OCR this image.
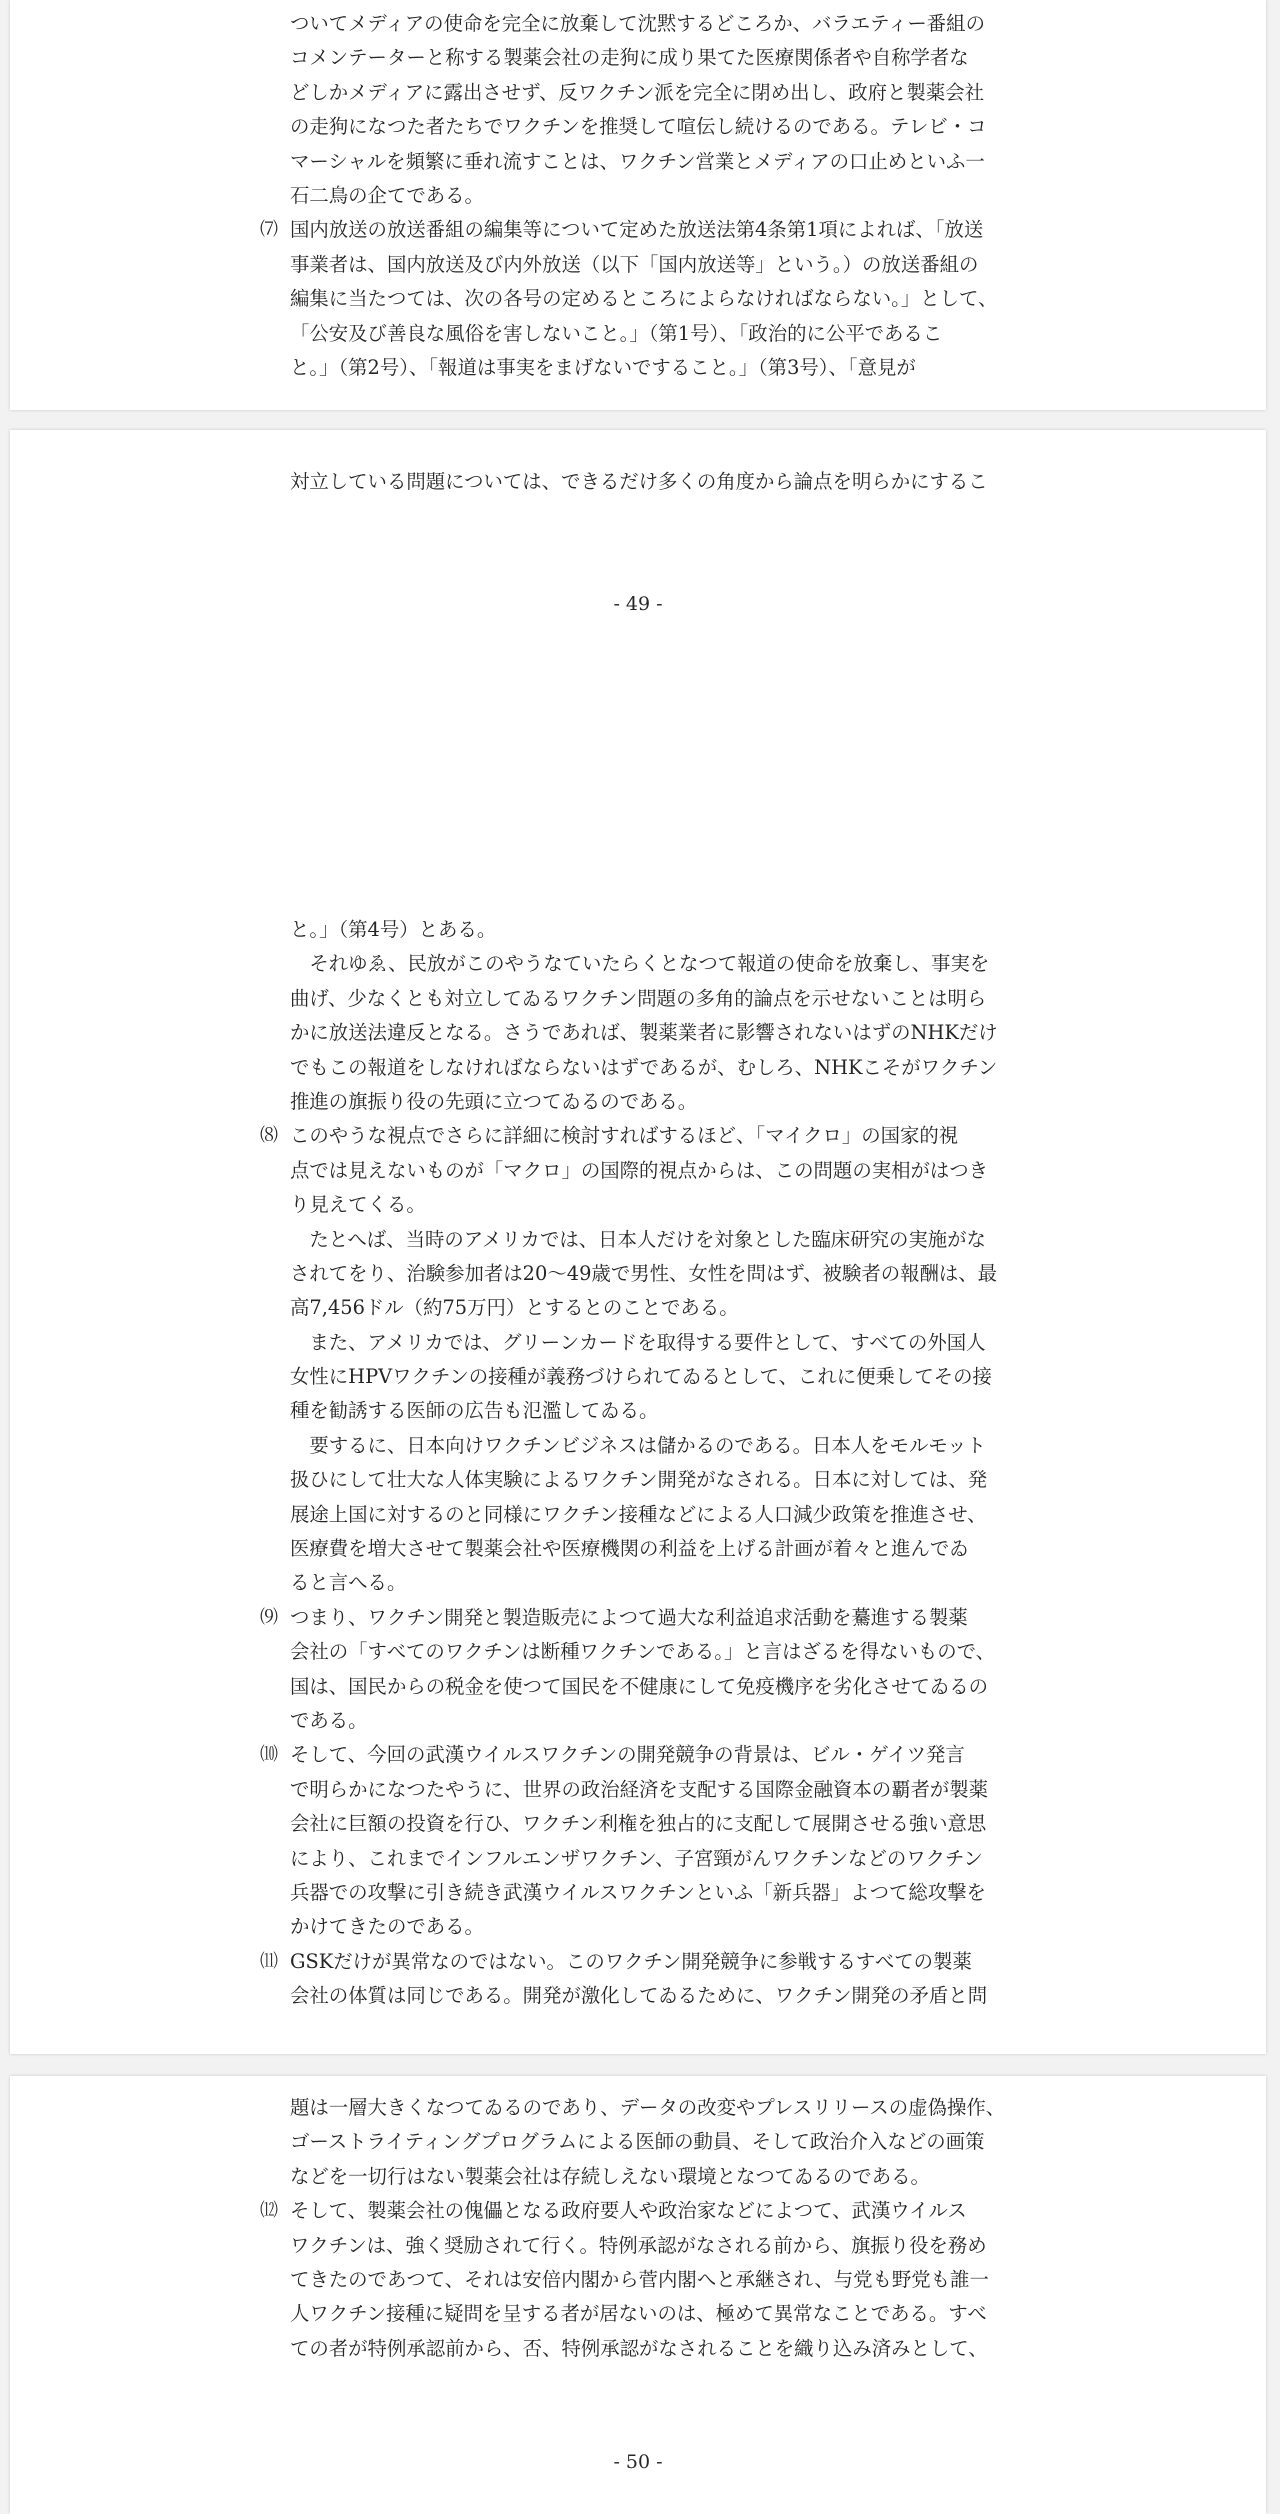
ついてメディアの使命を完全に放棄して沈黙するどころか、バラエティー番組の
コメンテーターと称する製薬会社の走狗に成り果てた医療関係者や自称学者な
どしかメディアに露出させず、反ワクチン派を完全に閉め出し、政府と製薬会社
の走狗になつた者たちでワクチンを推奨して喧伝し続けるのである。テレビ・コ
マーシャルを頻繁に垂れ流すことは、ワクチン営業とメディアの口止めといふ一
石二鳥の企てである。
⑺ 国内放送の放送番組の編集等について定めた放送法第4条第1項によれば、「放送
事業者は、国内放送及び内外放送（以下「国内放送等」という。）の放送番組の
編集に当たつては、次の各号の定めるところによらなければならない。」として、
「公安及び善良な風俗を害しないこと。」（第1号）、「政治的に公平であるこ
と。」（第2号）、「報道は事実をまげないですること。」（第3号）、「意見が
対立している問題については、できるだけ多くの角度から論点を明らかにするこ
- 49 -
と。」（第4号）とある。
　それゆゑ、民放がこのやうなていたらくとなつて報道の使命を放棄し、事実を
曲げ、少なくとも対立してゐるワクチン問題の多角的論点を示せないことは明ら
かに放送法違反となる。さうであれば、製薬業者に影響されないはずのNHKだけ
でもこの報道をしなければならないはずであるが、むしろ、NHKこそがワクチン
推進の旗振り役の先頭に立つてゐるのである。
⑻ このやうな視点でさらに詳細に検討すればするほど、「マイクロ」の国家的視
点では見えないものが「マクロ」の国際的視点からは、この問題の実相がはつき
り見えてくる。
　たとへば、当時のアメリカでは、日本人だけを対象とした臨床研究の実施がな
されてをり、治験参加者は20〜49歳で男性、女性を問はず、被験者の報酬は、最
高7,456ドル（約75万円）とするとのことである。
　また、アメリカでは、グリーンカードを取得する要件として、すべての外国人
女性にHPVワクチンの接種が義務づけられてゐるとして、これに便乗してその接
種を勧誘する医師の広告も氾濫してゐる。
　要するに、日本向けワクチンビジネスは儲かるのである。日本人をモルモット
扱ひにして壮大な人体実験によるワクチン開発がなされる。日本に対しては、発
展途上国に対するのと同様にワクチン接種などによる人口減少政策を推進させ、
医療費を増大させて製薬会社や医療機関の利益を上げる計画が着々と進んでゐ
ると言へる。
⑼ つまり、ワクチン開発と製造販売によつて過大な利益追求活動を驀進する製薬
会社の「すべてのワクチンは断種ワクチンである。」と言はざるを得ないもので、
国は、国民からの税金を使つて国民を不健康にして免疫機序を劣化させてゐるの
である。
⑽ そして、今回の武漢ウイルスワクチンの開発競争の背景は、ビル・ゲイツ発言
で明らかになつたやうに、世界の政治経済を支配する国際金融資本の覇者が製薬
会社に巨額の投資を行ひ、ワクチン利権を独占的に支配して展開させる強い意思
により、これまでインフルエンザワクチン、子宮頸がんワクチンなどのワクチン
兵器での攻撃に引き続き武漢ウイルスワクチンといふ「新兵器」よつて総攻撃を
かけてきたのである。
⑾ GSKだけが異常なのではない。このワクチン開発競争に参戦するすべての製薬
会社の体質は同じである。開発が激化してゐるために、ワクチン開発の矛盾と問
題は一層大きくなつてゐるのであり、データの改変やプレスリリースの虚偽操作、
ゴーストライティングプログラムによる医師の動員、そして政治介入などの画策
などを一切行はない製薬会社は存続しえない環境となつてゐるのである。
⑿ そして、製薬会社の傀儡となる政府要人や政治家などによつて、武漢ウイルス
ワクチンは、強く奨励されて行く。特例承認がなされる前から、旗振り役を務め
てきたのであつて、それは安倍内閣から菅内閣へと承継され、与党も野党も誰一
人ワクチン接種に疑問を呈する者が居ないのは、極めて異常なことである。すべ
ての者が特例承認前から、否、特例承認がなされることを織り込み済みとして、
- 50 -
